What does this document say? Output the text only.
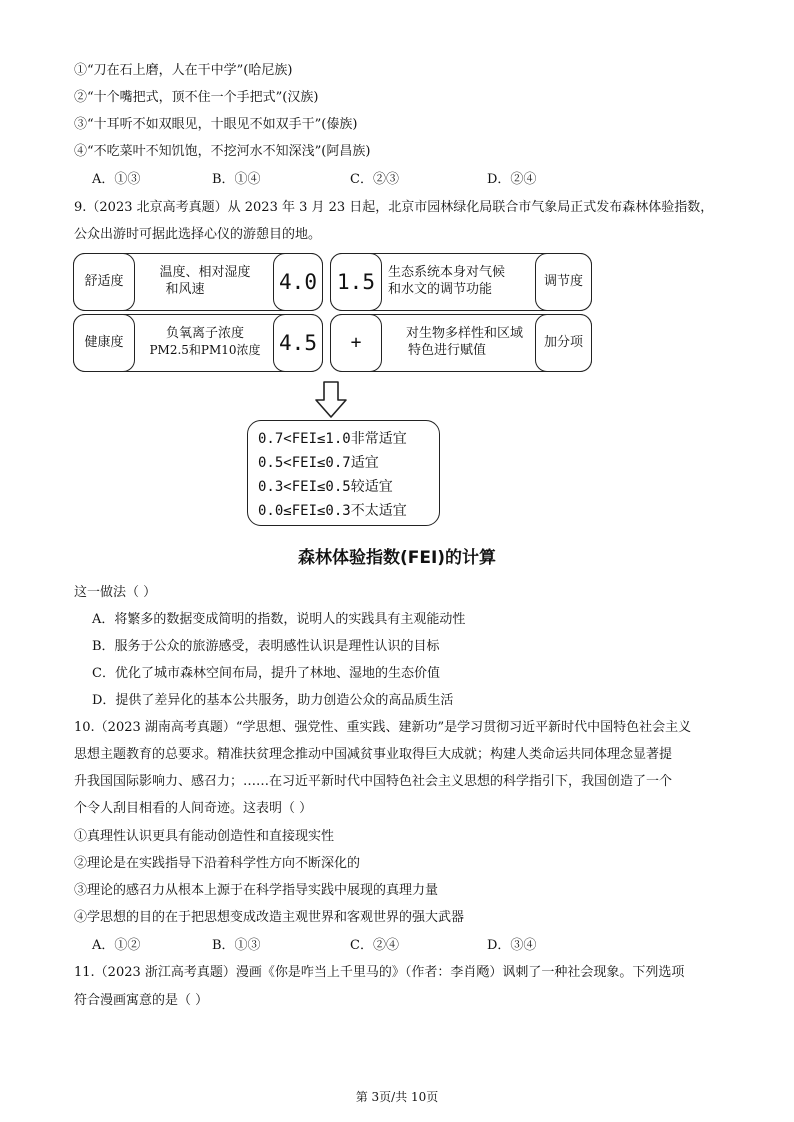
①“刀在石上磨，人在干中学”(哈尼族)
②“十个嘴把式，顶不住一个手把式”(汉族)
③“十耳听不如双眼见，十眼见不如双手干”(傣族)
④“不吃菜叶不知饥饱，不挖河水不知深浅”(阿昌族)
A．①③	B．①④	C．②③	D．②④
9.（2023 北京高考真题）从 2023 年 3 月 23 日起，北京市园林绿化局联合市气象局正式发布森林体验指数，
公众出游时可据此选择心仪的游憩目的地。
舒适度
温度、相对湿度
和风速	4.0
健康度
负氧离子浓度
PM2.5和PM10浓度 4.5
1.5	生态系统本身对气候
和水文的调节功能
调节度
+	对生物多样性和区域
特色进行赋值
加分项
0.7<FEI≤1.0非常适宜
0.5<FEI≤0.7适宜
0.3<FEI≤0.5较适宜
0.0≤FEI≤0.3不太适宜
森林体验指数(FEI)的计算
这一做法（ ）
A．将繁多的数据变成简明的指数，说明人的实践具有主观能动性
B．服务于公众的旅游感受，表明感性认识是理性认识的目标
C．优化了城市森林空间布局，提升了林地、湿地的生态价值
D．提供了差异化的基本公共服务，助力创造公众的高品质生活
10.（2023 湖南高考真题）“学思想、强党性、重实践、建新功”是学习贯彻习近平新时代中国特色社会主义
思想主题教育的总要求。精准扶贫理念推动中国减贫事业取得巨大成就；构建人类命运共同体理念显著提
升我国国际影响力、感召力；……在习近平新时代中国特色社会主义思想的科学指引下，我国创造了一个
个令人刮目相看的人间奇迹。这表明（ ）
①真理性认识更具有能动创造性和直接现实性
②理论是在实践指导下沿着科学性方向不断深化的
③理论的感召力从根本上源于在科学指导实践中展现的真理力量
④学思想的目的在于把思想变成改造主观世界和客观世界的强大武器
A．①②	B．①③	C．②④	D．③④
11.（2023 浙江高考真题）漫画《你是咋当上千里马的》（作者：李肖飏）讽刺了一种社会现象。下列选项
符合漫画寓意的是（ ）
第 3页/共 10页
